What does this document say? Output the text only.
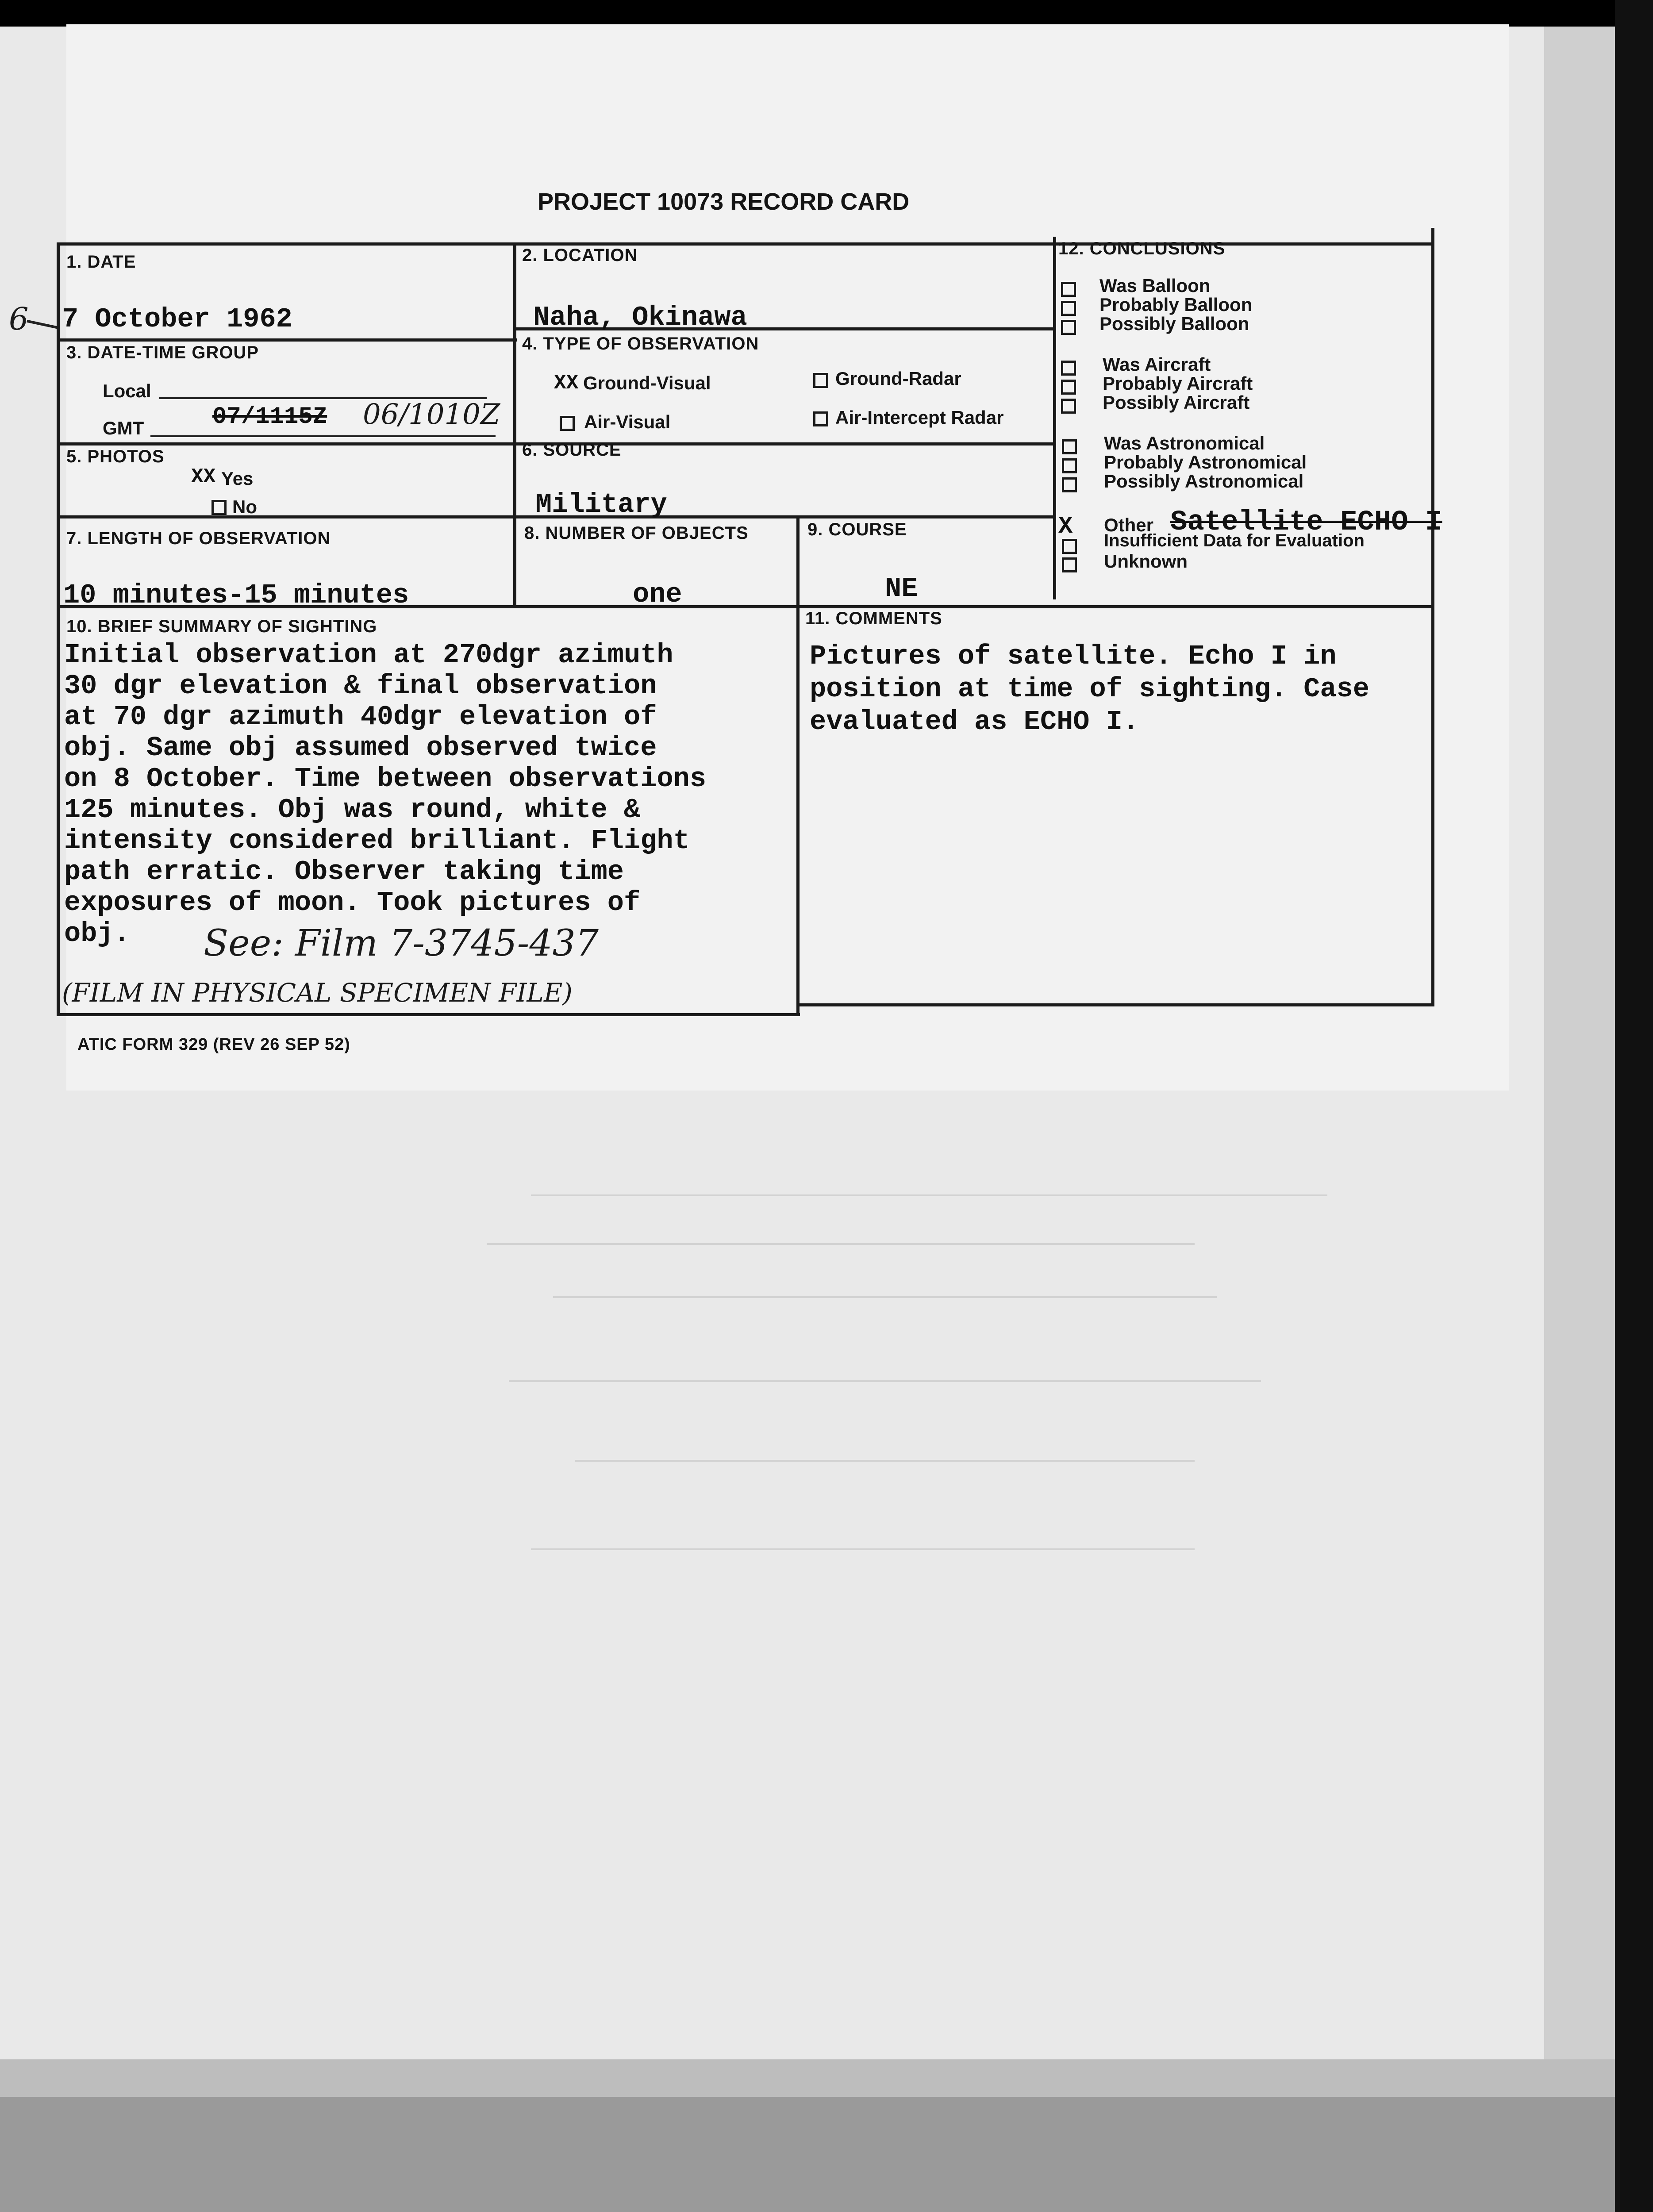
PROJECT 10073 RECORD CARD
6
1. DATE
7 October 1962
2. LOCATION
Naha, Okinawa
3. DATE-TIME GROUP
Local
GMT	07/1115Z 06/1010Z
4. TYPE OF OBSERVATION
XX Ground-Visual	Ground-Radar
Air-Visual	Air-Intercept Radar
5. PHOTOS
XX Yes
No
6. SOURCE
Military
7. LENGTH OF OBSERVATION
10 minutes-15 minutes
8. NUMBER OF OBJECTS
one
9. COURSE
NE
10. BRIEF SUMMARY OF SIGHTING
Initial observation at 270dgr azimuth
30 dgr elevation & final observation
at 70 dgr azimuth 40dgr elevation of
obj. Same obj assumed observed twice
on 8 October. Time between observations
125 minutes. Obj was round, white &
intensity considered brilliant. Flight
path erratic. Observer taking time
exposures of moon. Took pictures of
obj. See: Film 7-3745-437
(FILM IN PHYSICAL SPECIMEN FILE)
11. COMMENTS
Pictures of satellite. Echo I in
position at time of sighting. Case
evaluated as ECHO I.
12. CONCLUSIONS
Was Balloon
Probably Balloon
Possibly Balloon
Was Aircraft
Probably Aircraft
Possibly Aircraft
Was Astronomical
Probably Astronomical
Possibly Astronomical
X Other Satellite ECHO I
Insufficient Data for Evaluation
Unknown
ATIC FORM 329 (REV 26 SEP 52)
